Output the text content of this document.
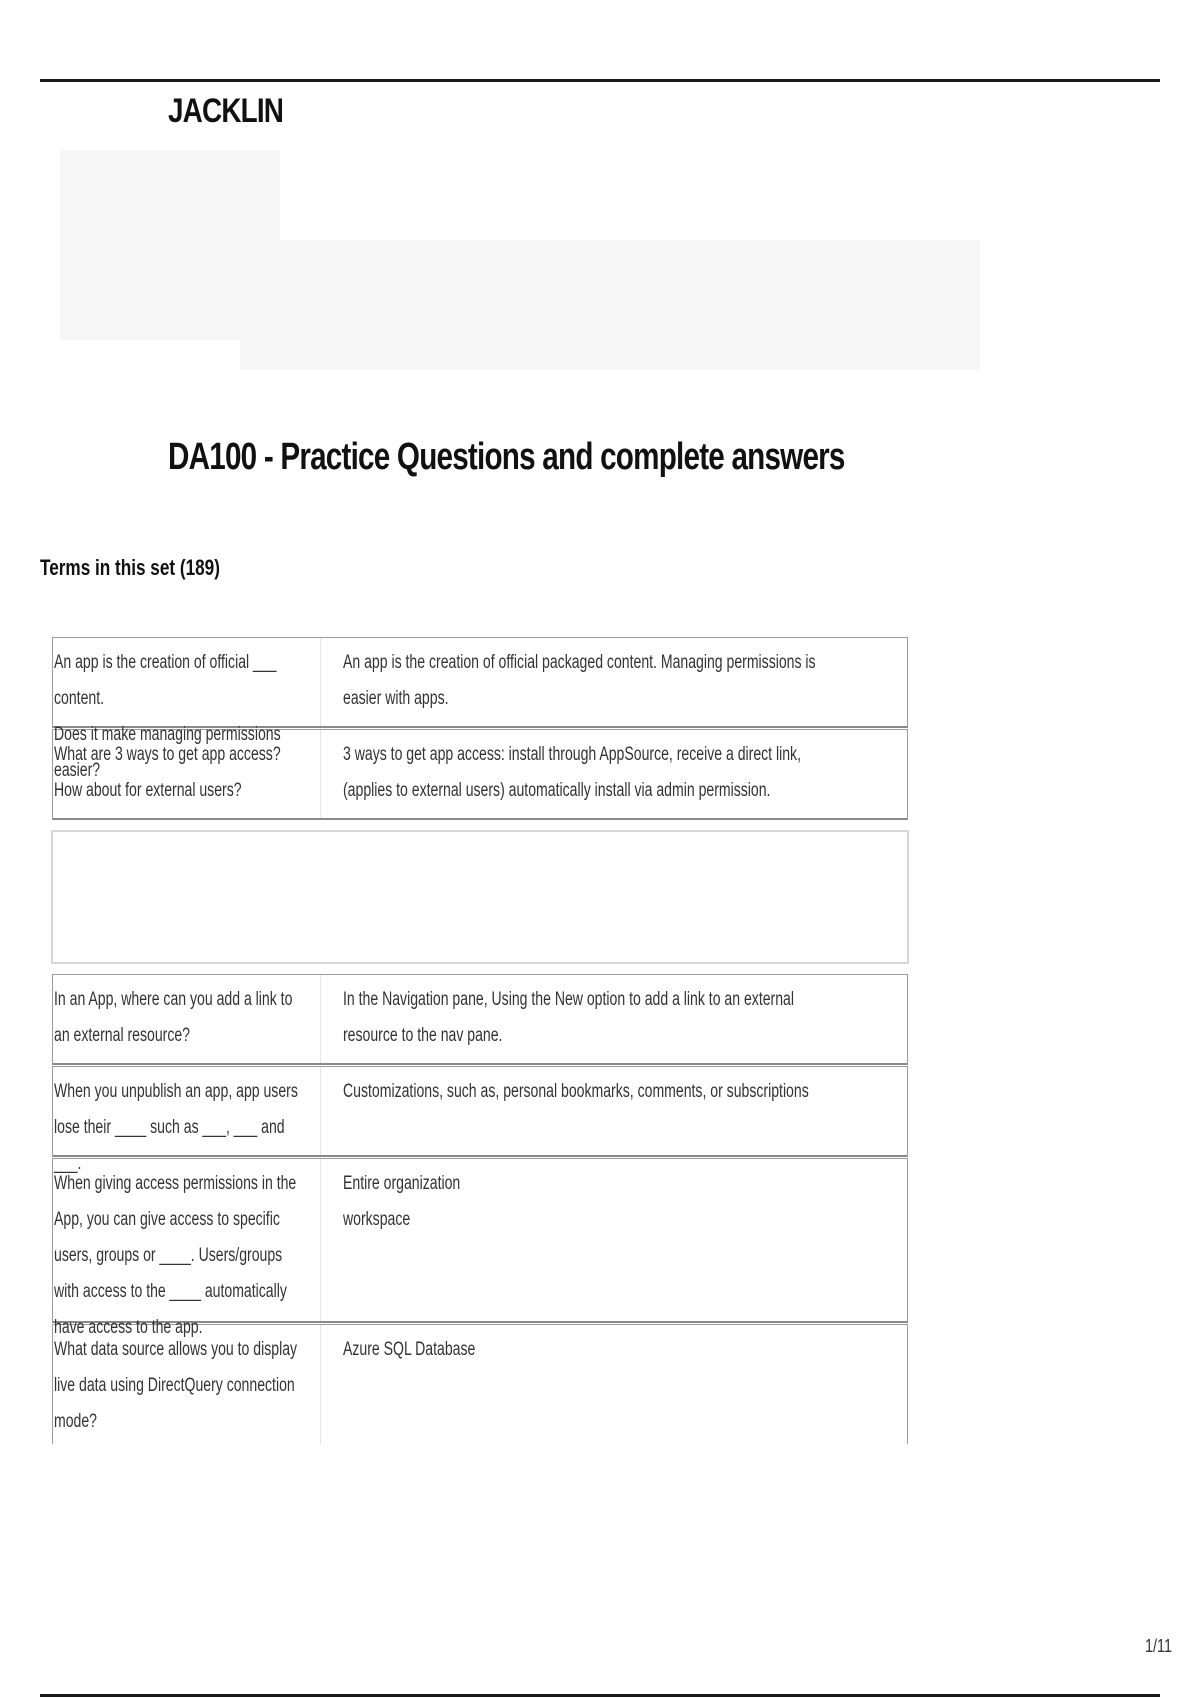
JACKLIN
DA100 - Practice Questions and complete answers
Terms in this set (189)
An app is the creation of official ___ content.
Does it make managing permissions easier?
An app is the creation of official packaged content. Managing permissions is easier with apps.
What are 3 ways to get app access? How about for external users?
3 ways to get app access: install through AppSource, receive a direct link, (applies to external users) automatically install via admin permission.
In an App, where can you add a link to an external resource?
In the Navigation pane, Using the New option to add a link to an external resource to the nav pane.
When you unpublish an app, app users lose their ____ such as ___, ___ and ___.
Customizations, such as, personal bookmarks, comments, or subscriptions
When giving access permissions in the App, you can give access to specific users, groups or ____. Users/groups with access to the ____ automatically have access to the app.
Entire organization
workspace
What data source allows you to display live data using DirectQuery connection mode?
Azure SQL Database
1/11
